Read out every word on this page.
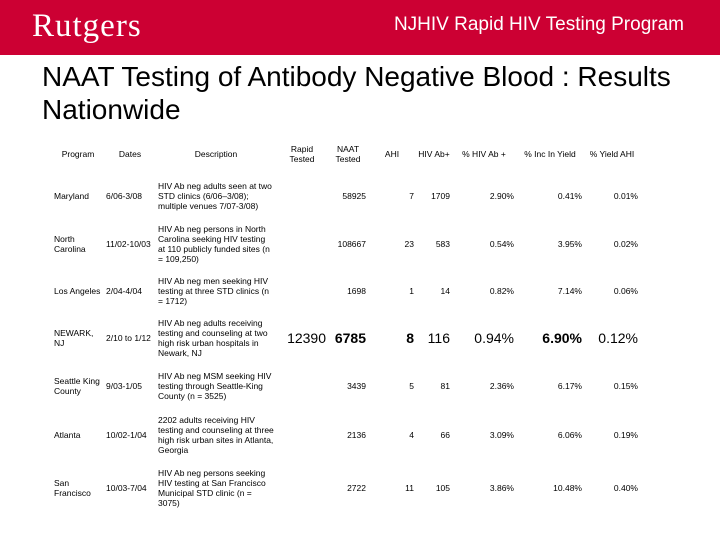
Rutgers	NJHIV Rapid HIV Testing Program
NAAT Testing of Antibody Negative Blood : Results Nationwide
Program	Dates	Description	Rapid Tested	NAAT Tested	AHI	HIV Ab+	% HIV Ab +	% Inc In Yield	% Yield AHI
Maryland	6/06-3/08	HIV Ab neg adults seen at two STD clinics (6/06–3/08); multiple venues 7/07-3/08)		58925	7	1709	2.90%	0.41%	0.01%
North Carolina	11/02-10/03	HIV Ab neg persons in North Carolina seeking HIV testing at 110 publicly funded sites (n = 109,250)		108667	23	583	0.54%	3.95%	0.02%
Los Angeles	2/04-4/04	HIV Ab neg men seeking HIV testing at three STD clinics (n = 1712)		1698	1	14	0.82%	7.14%	0.06%
NEWARK, NJ	2/10 to 1/12	HIV Ab neg adults receiving testing and counseling at two high risk urban hospitals in Newark, NJ	12390	6785	8	116	0.94%	6.90%	0.12%
Seattle King County	9/03-1/05	HIV Ab neg MSM seeking HIV testing through Seattle-King County (n = 3525)		3439	5	81	2.36%	6.17%	0.15%
Atlanta	10/02-1/04	2202 adults receiving HIV testing and counseling at three high risk urban sites in Atlanta, Georgia		2136	4	66	3.09%	6.06%	0.19%
San Francisco	10/03-7/04	HIV Ab neg persons seeking HIV testing at San Francisco Municipal STD clinic (n = 3075)		2722	11	105	3.86%	10.48%	0.40%
